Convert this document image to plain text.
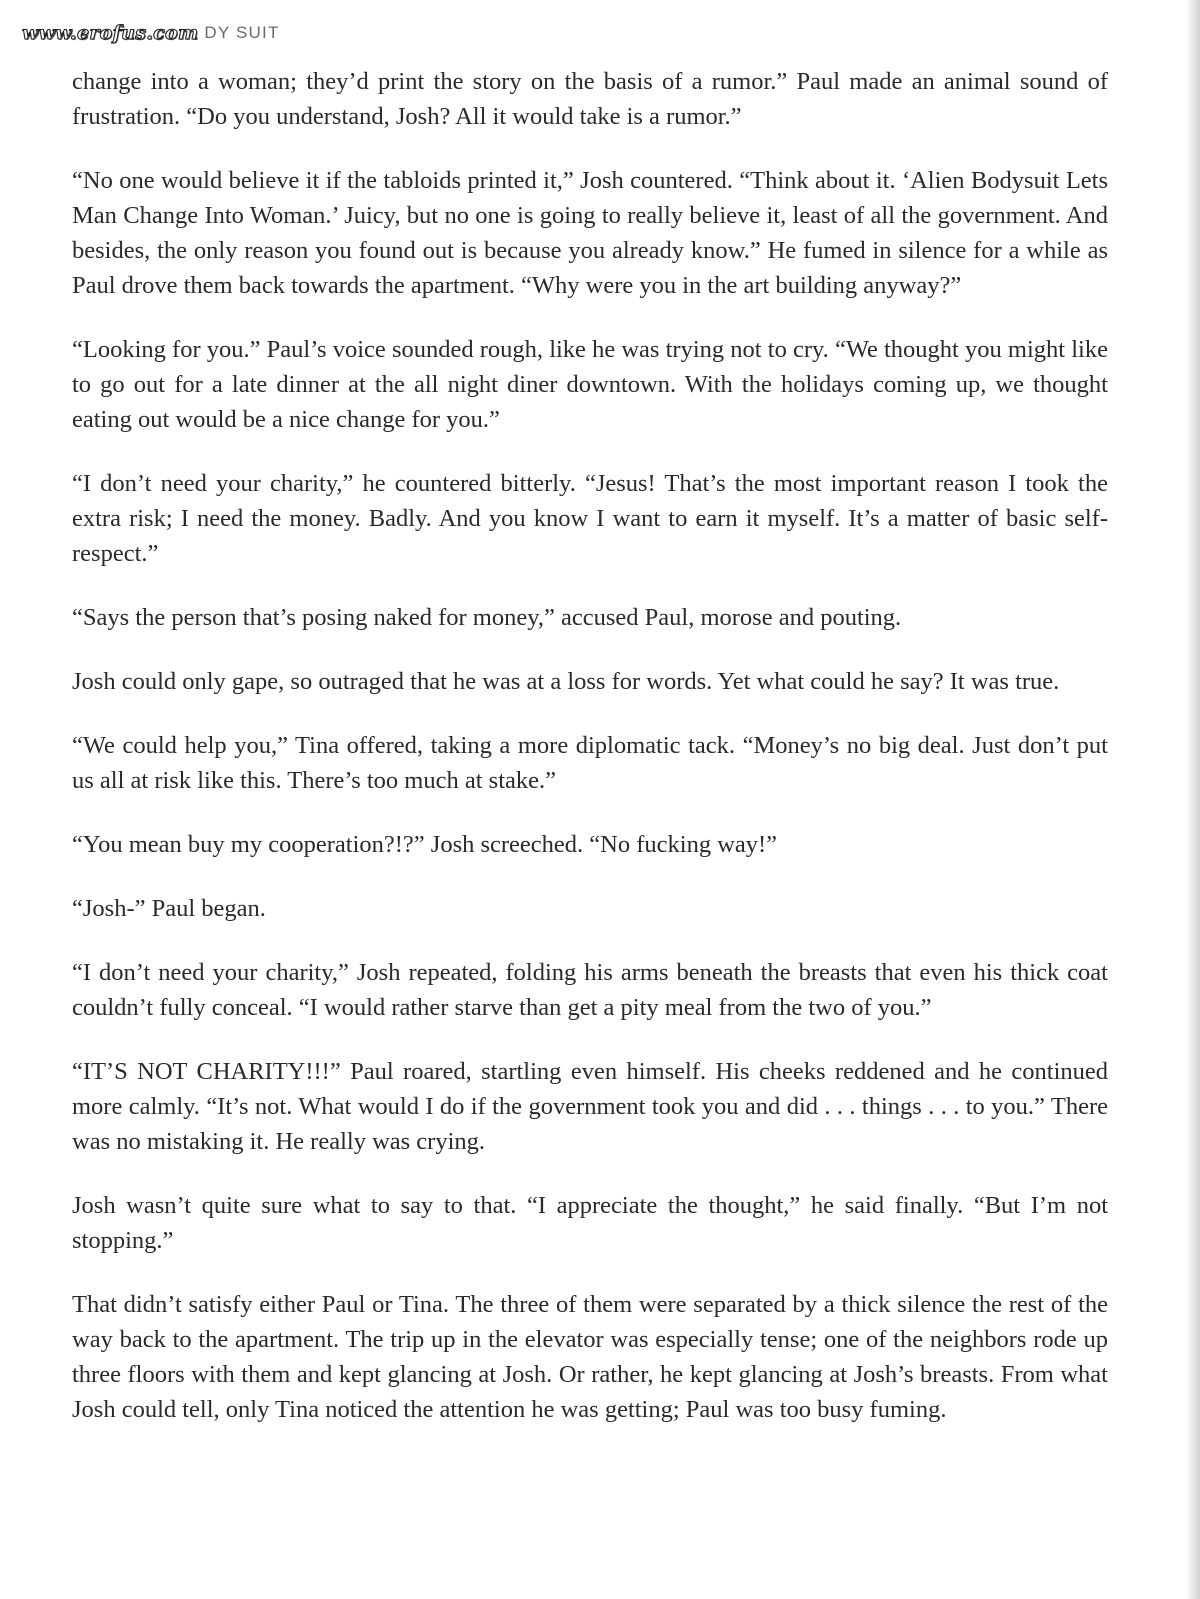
www.erofus.com DY SUIT

change into a woman; they’d print the story on the basis of a rumor.” Paul made an animal sound of frustration. “Do you understand, Josh? All it would take is a rumor.”

“No one would believe it if the tabloids printed it,” Josh countered. “Think about it. ‘Alien Bodysuit Lets Man Change Into Woman.’ Juicy, but no one is going to really believe it, least of all the government. And besides, the only reason you found out is because you already know.” He fumed in silence for a while as Paul drove them back towards the apartment. “Why were you in the art building anyway?”

“Looking for you.” Paul’s voice sounded rough, like he was trying not to cry. “We thought you might like to go out for a late dinner at the all night diner downtown. With the holidays coming up, we thought eating out would be a nice change for you.”

“I don’t need your charity,” he countered bitterly. “Jesus! That’s the most important reason I took the extra risk; I need the money. Badly. And you know I want to earn it myself. It’s a matter of basic self-respect.”

“Says the person that’s posing naked for money,” accused Paul, morose and pouting.

Josh could only gape, so outraged that he was at a loss for words. Yet what could he say? It was true.

“We could help you,” Tina offered, taking a more diplomatic tack. “Money’s no big deal. Just don’t put us all at risk like this. There’s too much at stake.”

“You mean buy my cooperation?!?” Josh screeched. “No fucking way!”

“Josh-” Paul began.

“I don’t need your charity,” Josh repeated, folding his arms beneath the breasts that even his thick coat couldn’t fully conceal. “I would rather starve than get a pity meal from the two of you.”

“IT’S NOT CHARITY!!!” Paul roared, startling even himself. His cheeks reddened and he continued more calmly. “It’s not. What would I do if the government took you and did . . . things . . . to you.” There was no mistaking it. He really was crying.

Josh wasn’t quite sure what to say to that. “I appreciate the thought,” he said finally. “But I’m not stopping.”

That didn’t satisfy either Paul or Tina. The three of them were separated by a thick silence the rest of the way back to the apartment. The trip up in the elevator was especially tense; one of the neighbors rode up three floors with them and kept glancing at Josh. Or rather, he kept glancing at Josh’s breasts. From what Josh could tell, only Tina noticed the attention he was getting; Paul was too busy fuming.
